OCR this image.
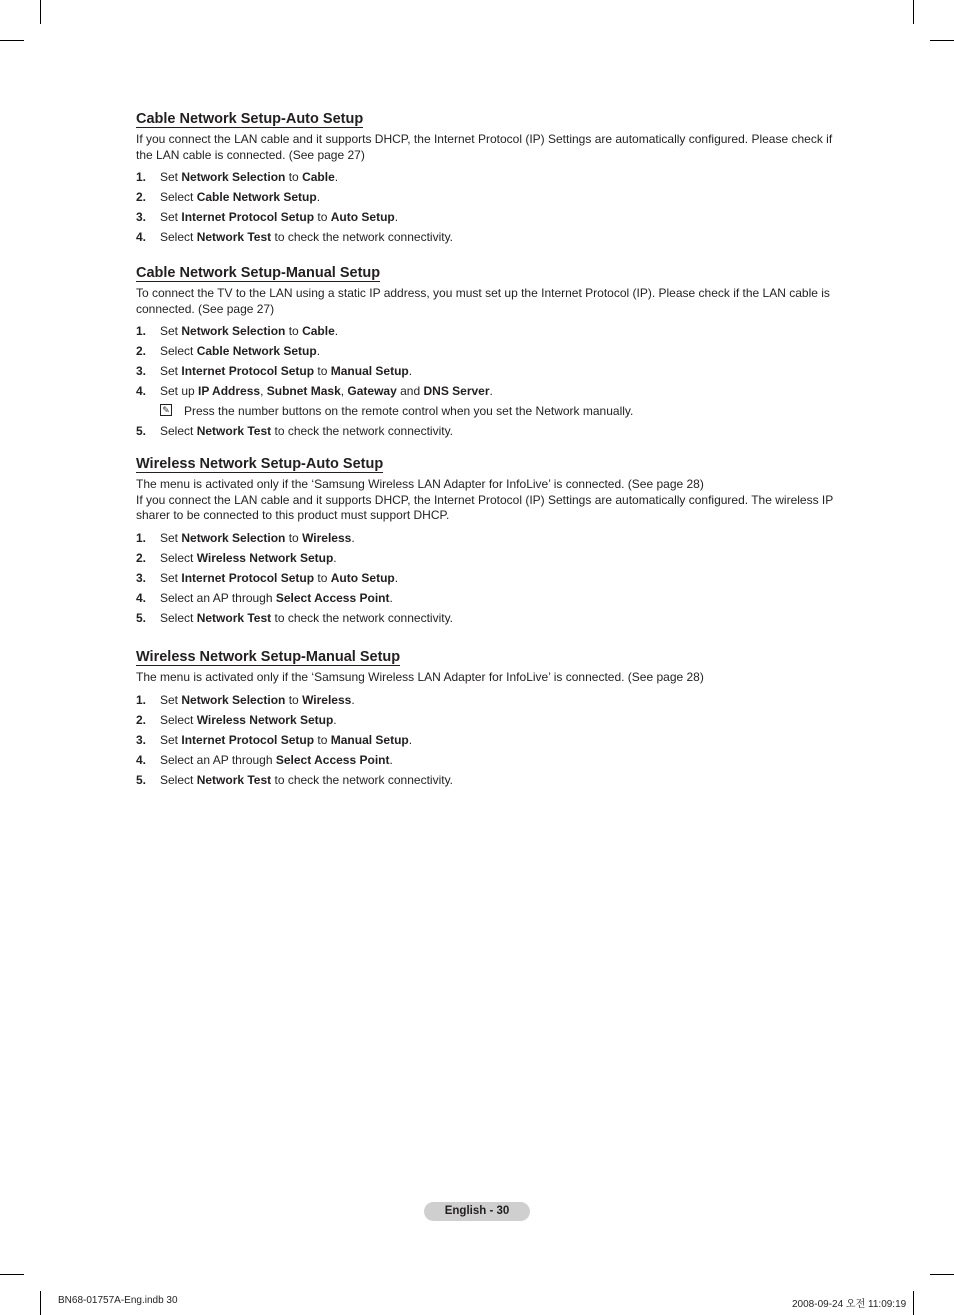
Cable Network Setup-Auto Setup

If you connect the LAN cable and it supports DHCP, the Internet Protocol (IP) Settings are automatically configured. Please check if the LAN cable is connected. (See page 27)

1. Set Network Selection to Cable.
2. Select Cable Network Setup.
3. Set Internet Protocol Setup to Auto Setup.
4. Select Network Test to check the network connectivity.
Cable Network Setup-Manual Setup

To connect the TV to the LAN using a static IP address, you must set up the Internet Protocol (IP). Please check if the LAN cable is connected. (See page 27)

1. Set Network Selection to Cable.
2. Select Cable Network Setup.
3. Set Internet Protocol Setup to Manual Setup.
4. Set up IP Address, Subnet Mask, Gateway and DNS Server.
✎ Press the number buttons on the remote control when you set the Network manually.
5. Select Network Test to check the network connectivity.
Wireless Network Setup-Auto Setup

The menu is activated only if the ‘Samsung Wireless LAN Adapter for InfoLive’ is connected. (See page 28)

If you connect the LAN cable and it supports DHCP, the Internet Protocol (IP) Settings are automatically configured. The wireless IP sharer to be connected to this product must support DHCP.

1. Set Network Selection to Wireless.
2. Select Wireless Network Setup.
3. Set Internet Protocol Setup to Auto Setup.
4. Select an AP through Select Access Point.
5. Select Network Test to check the network connectivity.
Wireless Network Setup-Manual Setup

The menu is activated only if the ‘Samsung Wireless LAN Adapter for InfoLive’ is connected. (See page 28)

1. Set Network Selection to Wireless.
2. Select Wireless Network Setup.
3. Set Internet Protocol Setup to Manual Setup.
4. Select an AP through Select Access Point.
5. Select Network Test to check the network connectivity.
English - 30
BN68-01757A-Eng.indb 30	2008-09-24 오전 11:09:19
